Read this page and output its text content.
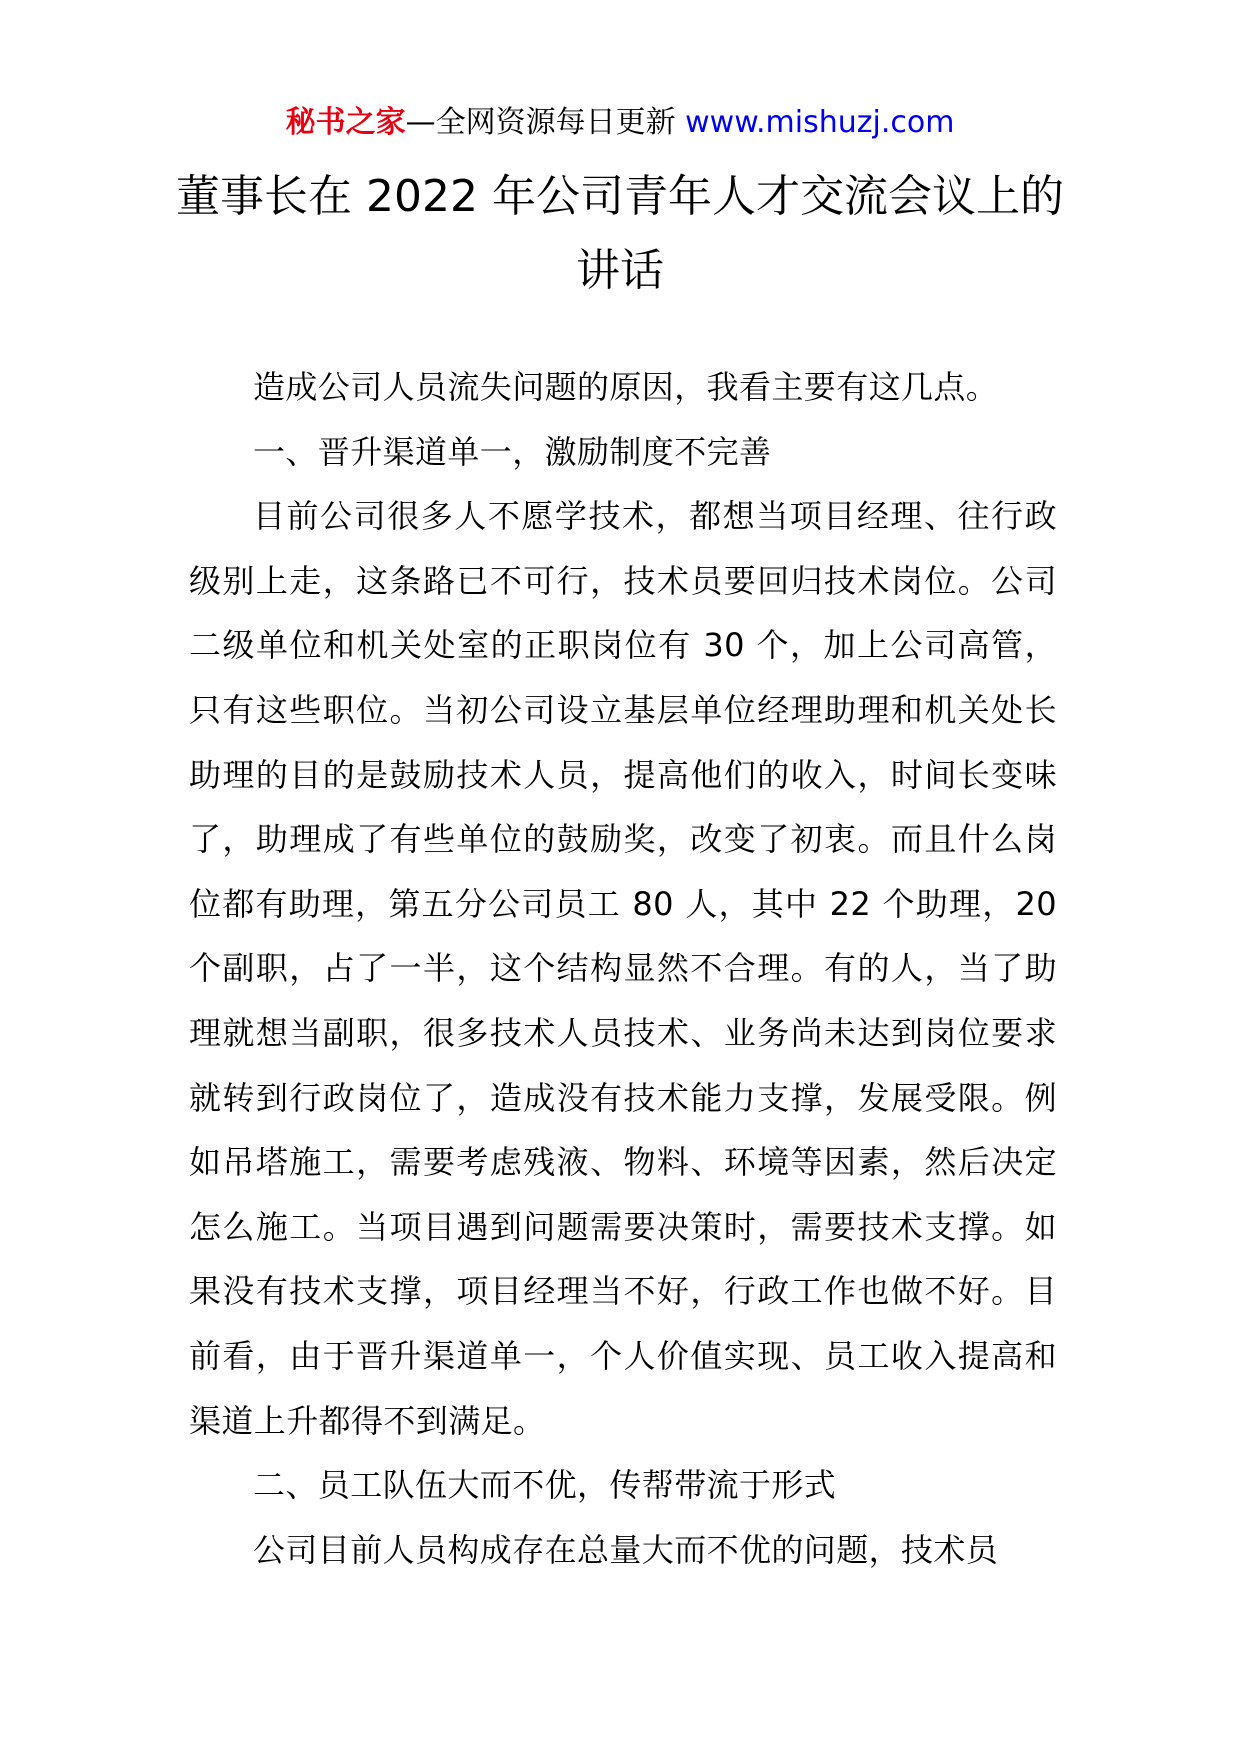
秘书之家—全网资源每日更新 www.mishuzj.com
董事长在 2022 年公司青年人才交流会议上的讲话

造成公司人员流失问题的原因，我看主要有这几点。

一、晋升渠道单一，激励制度不完善

目前公司很多人不愿学技术，都想当项目经理、往行政级别上走，这条路已不可行，技术员要回归技术岗位。公司二级单位和机关处室的正职岗位有 30 个，加上公司高管，只有这些职位。当初公司设立基层单位经理助理和机关处长助理的目的是鼓励技术人员，提高他们的收入，时间长变味了，助理成了有些单位的鼓励奖，改变了初衷。而且什么岗位都有助理，第五分公司员工 80 人，其中 22 个助理，20 个副职，占了一半，这个结构显然不合理。有的人，当了助理就想当副职，很多技术人员技术、业务尚未达到岗位要求就转到行政岗位了，造成没有技术能力支撑，发展受限。例如吊塔施工，需要考虑残液、物料、环境等因素，然后决定怎么施工。当项目遇到问题需要决策时，需要技术支撑。如果没有技术支撑，项目经理当不好，行政工作也做不好。目前看，由于晋升渠道单一，个人价值实现、员工收入提高和渠道上升都得不到满足。

二、员工队伍大而不优，传帮带流于形式

公司目前人员构成存在总量大而不优的问题，技术员
